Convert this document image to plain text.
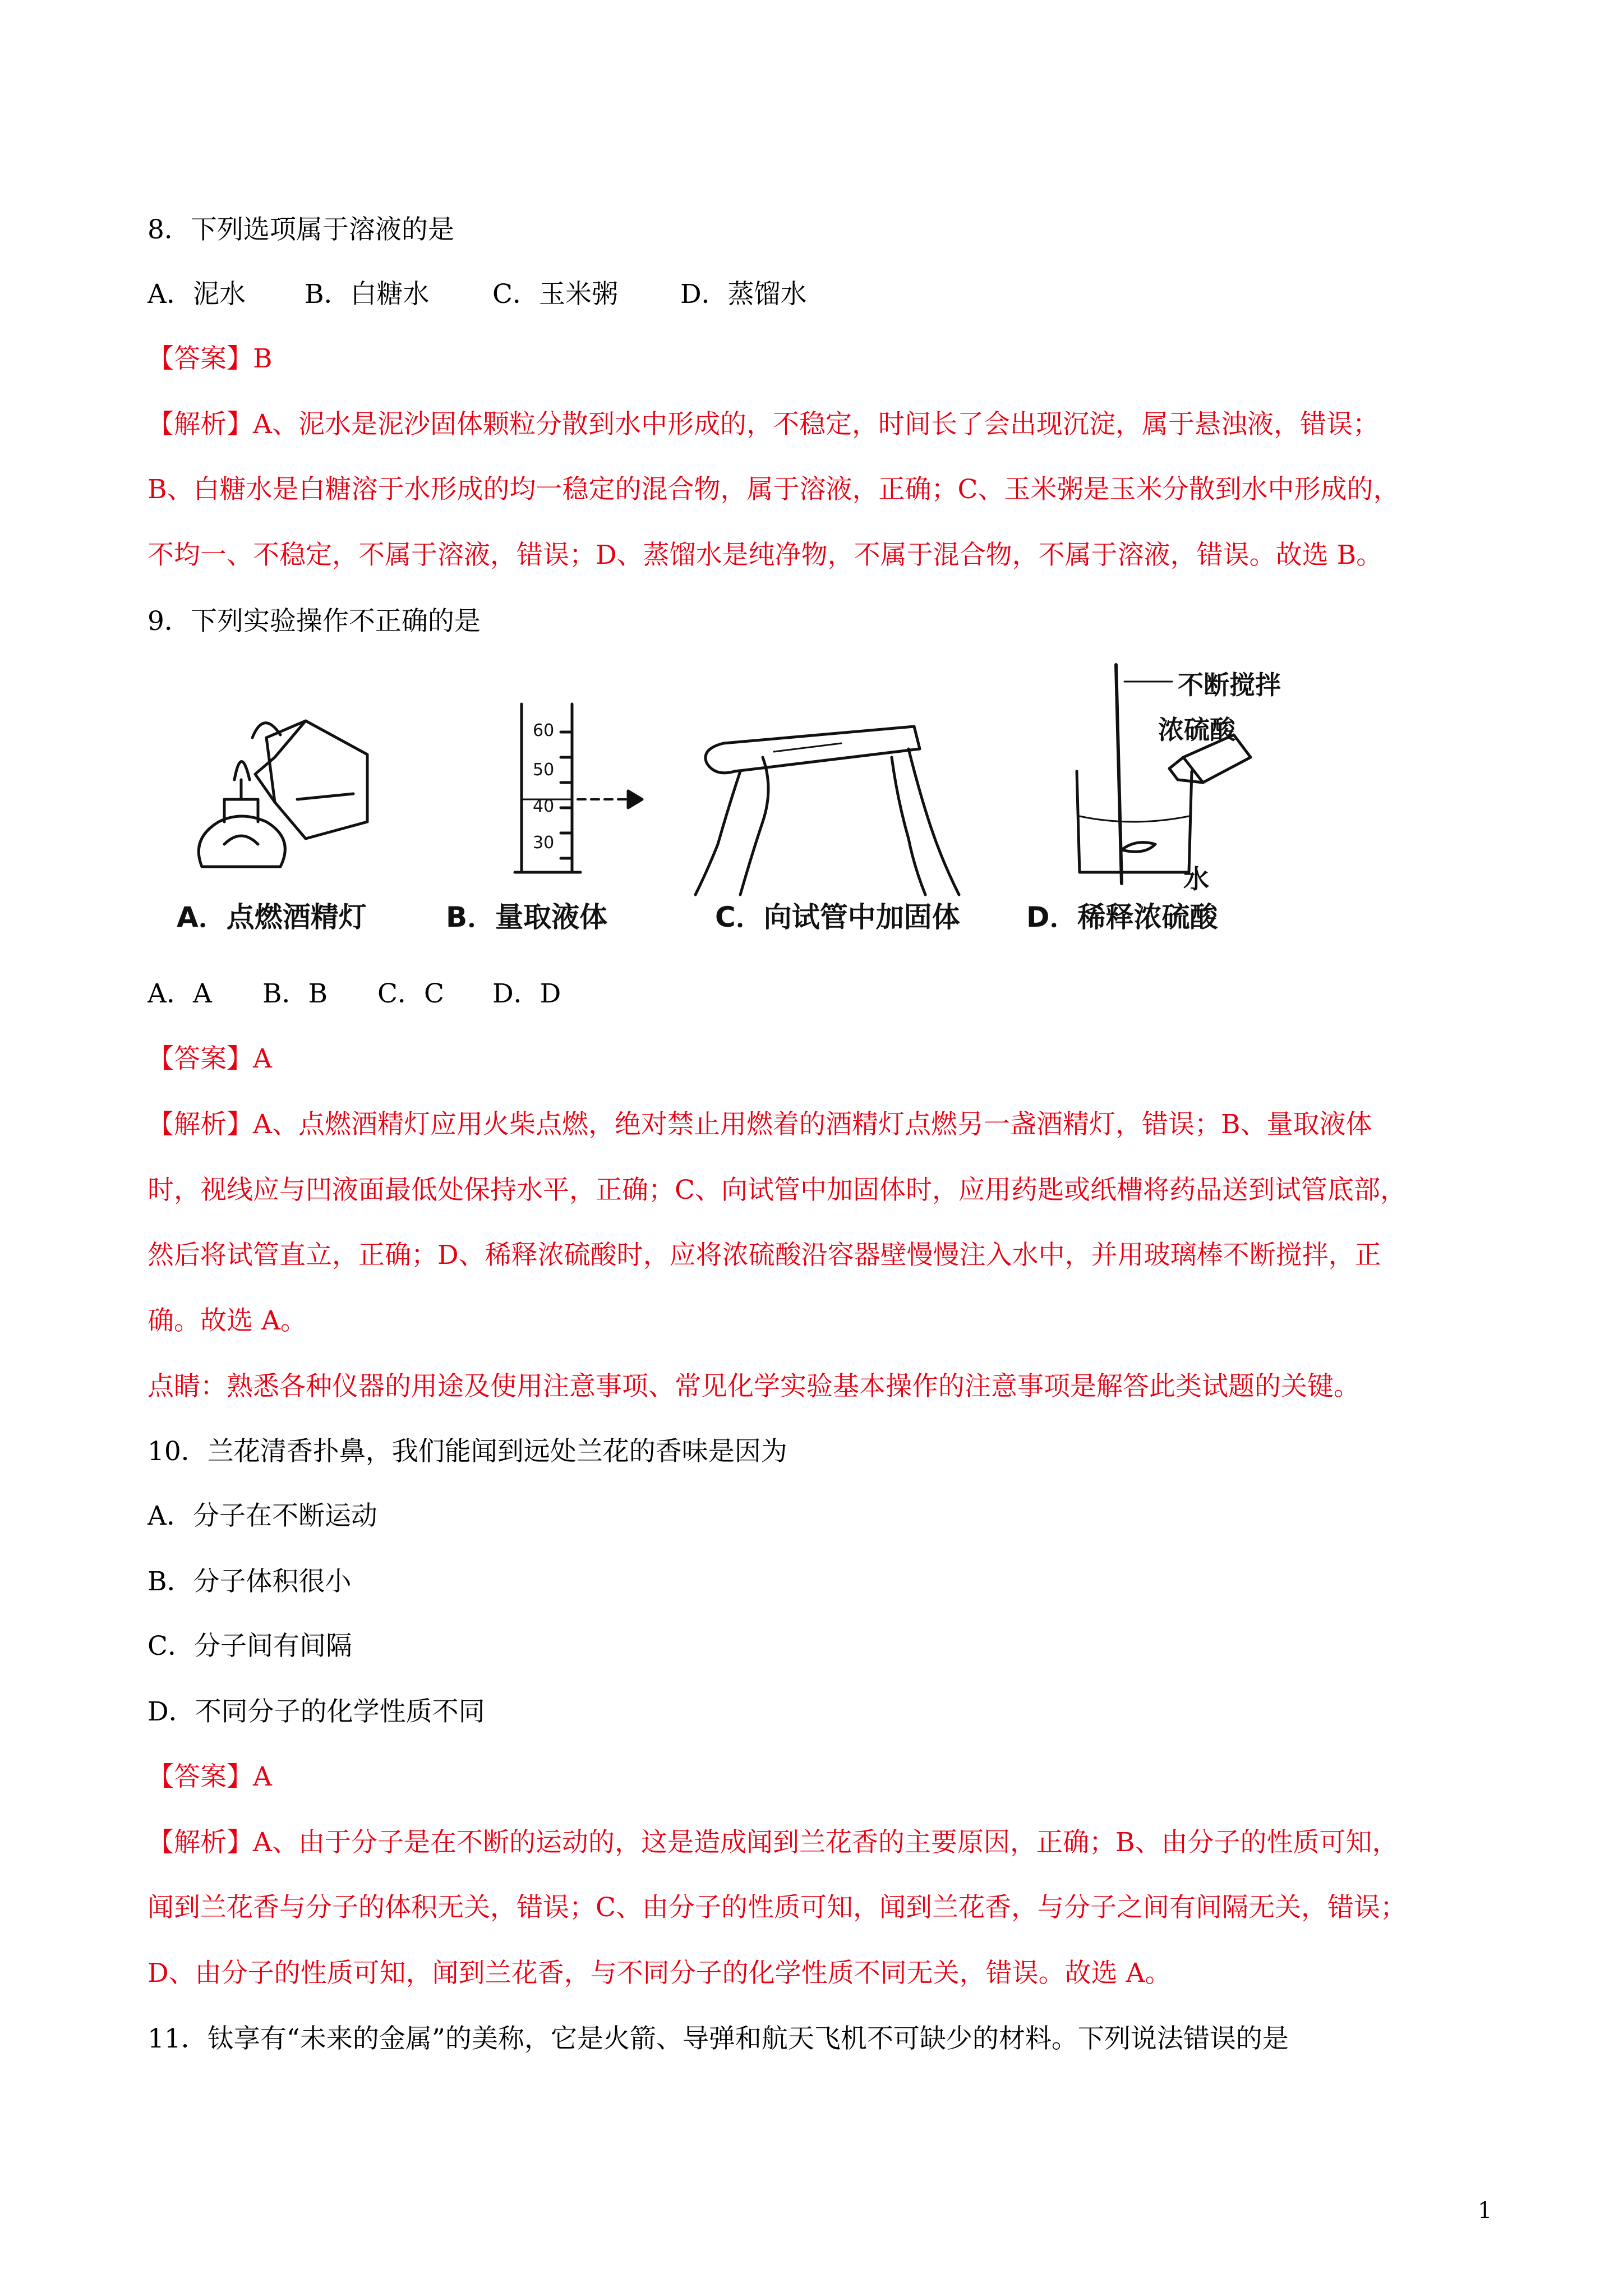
8．下列选项属于溶液的是
A．泥水 B．白糖水 C．玉米粥 D．蒸馏水
【答案】B
【解析】A、泥水是泥沙固体颗粒分散到水中形成的，不稳定，时间长了会出现沉淀，属于悬浊液，错误；
B、白糖水是白糖溶于水形成的均一稳定的混合物，属于溶液，正确；C、玉米粥是玉米分散到水中形成的，
不均一、不稳定，不属于溶液，错误；D、蒸馏水是纯净物，不属于混合物，不属于溶液，错误。故选 B。
9．下列实验操作不正确的是
不断搅拌
浓硫酸
水
60
50
40
30
A．点燃酒精灯	B．量取液体	C．向试管中加固体 D．稀释浓硫酸
A．A B．B C．C D．D
【答案】A
【解析】A、点燃酒精灯应用火柴点燃，绝对禁止用燃着的酒精灯点燃另一盏酒精灯，错误；B、量取液体
时，视线应与凹液面最低处保持水平，正确；C、向试管中加固体时，应用药匙或纸槽将药品送到试管底部，
然后将试管直立，正确；D、稀释浓硫酸时，应将浓硫酸沿容器壁慢慢注入水中，并用玻璃棒不断搅拌，正
确。故选 A。
点睛：熟悉各种仪器的用途及使用注意事项、常见化学实验基本操作的注意事项是解答此类试题的关键。
10．兰花清香扑鼻，我们能闻到远处兰花的香味是因为
A．分子在不断运动
B．分子体积很小
C．分子间有间隔
D．不同分子的化学性质不同
【答案】A
【解析】A、由于分子是在不断的运动的，这是造成闻到兰花香的主要原因，正确；B、由分子的性质可知，
闻到兰花香与分子的体积无关，错误；C、由分子的性质可知，闻到兰花香，与分子之间有间隔无关，错误；
D、由分子的性质可知，闻到兰花香，与不同分子的化学性质不同无关，错误。故选 A。
11．钛享有“未来的金属”的美称，它是火箭、导弹和航天飞机不可缺少的材料。下列说法错误的是
1
